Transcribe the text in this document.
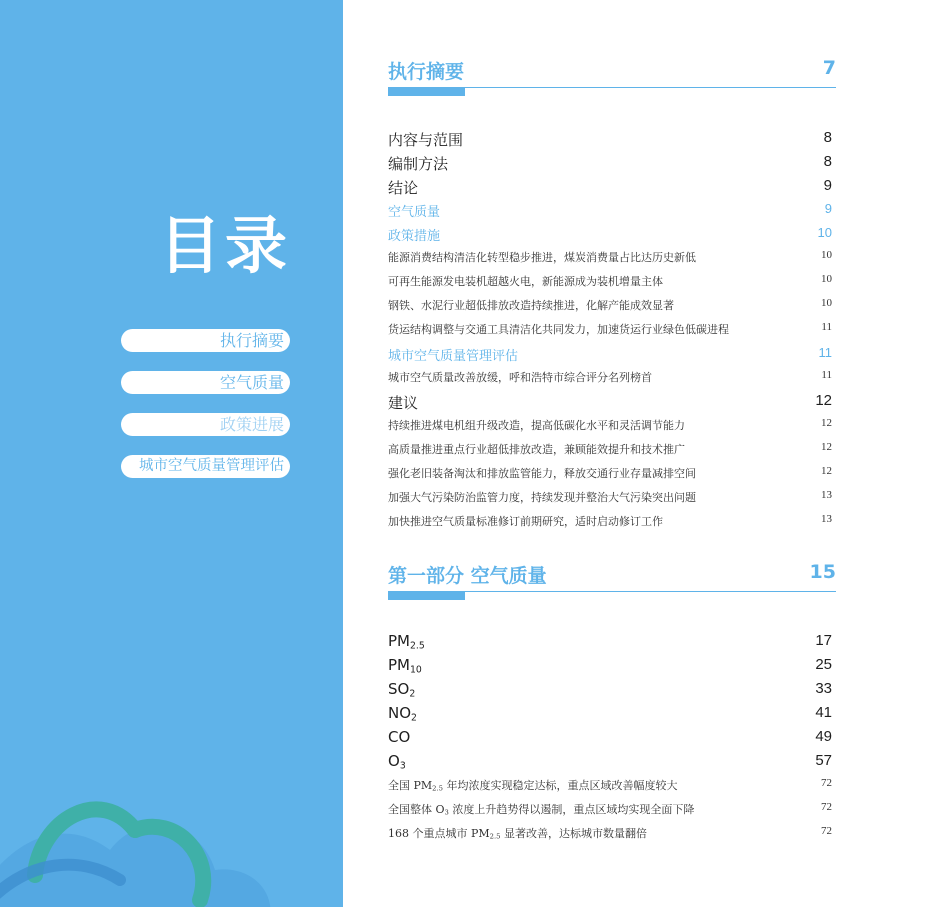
目录
执行摘要
空气质量
政策进展
城市空气质量管理评估
执行摘要	7
内容与范围	8
编制方法	8
结论	9
空气质量	9
政策措施	10
能源消费结构清洁化转型稳步推进，煤炭消费量占比达历史新低	10
可再生能源发电装机超越火电，新能源成为装机增量主体	10
钢铁、水泥行业超低排放改造持续推进，化解产能成效显著	10
货运结构调整与交通工具清洁化共同发力，加速货运行业绿色低碳进程	11
城市空气质量管理评估	11
城市空气质量改善放缓，呼和浩特市综合评分名列榜首	11
建议	12
持续推进煤电机组升级改造，提高低碳化水平和灵活调节能力	12
高质量推进重点行业超低排放改造，兼顾能效提升和技术推广	12
强化老旧装备淘汰和排放监管能力，释放交通行业存量减排空间	12
加强大气污染防治监管力度，持续发现并整治大气污染突出问题	13
加快推进空气质量标准修订前期研究，适时启动修订工作	13
第一部分 空气质量	15
$PM_{2.5}$	17
$PM_{10}$	25
$SO_2$	33
$NO_2$	41
CO	49
$O_3$	57
全国 $PM_{2.5}$ 年均浓度实现稳定达标，重点区域改善幅度较大	72
全国整体 $O_3$ 浓度上升趋势得以遏制，重点区域均实现全面下降	72
168 个重点城市 $PM_{2.5}$ 显著改善，达标城市数量翻倍	72
